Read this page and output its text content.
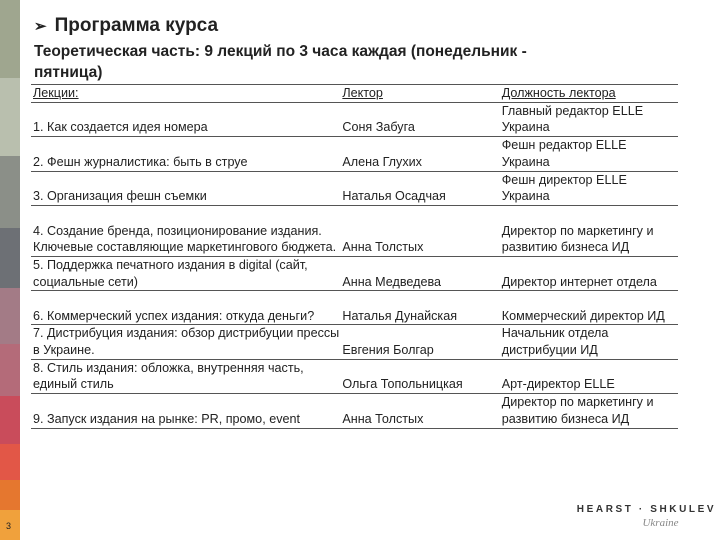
3
➢ Программа курса
Теоретическая часть: 9 лекций по 3 часа каждая (понедельник - пятница)
Лекции:	Лектор	Должность лектора
1. Как создается идея номера	Соня Забуга	Главный редактор ELLE Украина
2. Фешн журналистика: быть в струе	Алена Глухих	Фешн редактор ELLE Украина
3. Организация фешн съемки	Наталья Осадчая	Фешн директор ELLE Украина
4. Создание бренда, позиционирование издания. Ключевые составляющие маркетингового бюджета.	Анна Толстых	Директор по маркетингу и развитию бизнеса ИД
5. Поддержка печатного издания в digital (сайт, социальные сети)	Анна Медведева	Директор интернет отдела
6. Коммерческий успех издания: откуда деньги?	Наталья Дунайская	Коммерческий директор ИД
7. Дистрибуция издания: обзор дистрибуции прессы в Украине.	Евгения Болгар	Начальник отдела дистрибуции ИД
8. Стиль издания: обложка, внутренняя часть, единый стиль	Ольга Топольницкая	Арт-директор ELLE
9. Запуск издания на рынке: PR, промо, event	Анна Толстых	Директор по маркетингу и развитию бизнеса ИД
HEARST · SHKULEV
Ukraine
